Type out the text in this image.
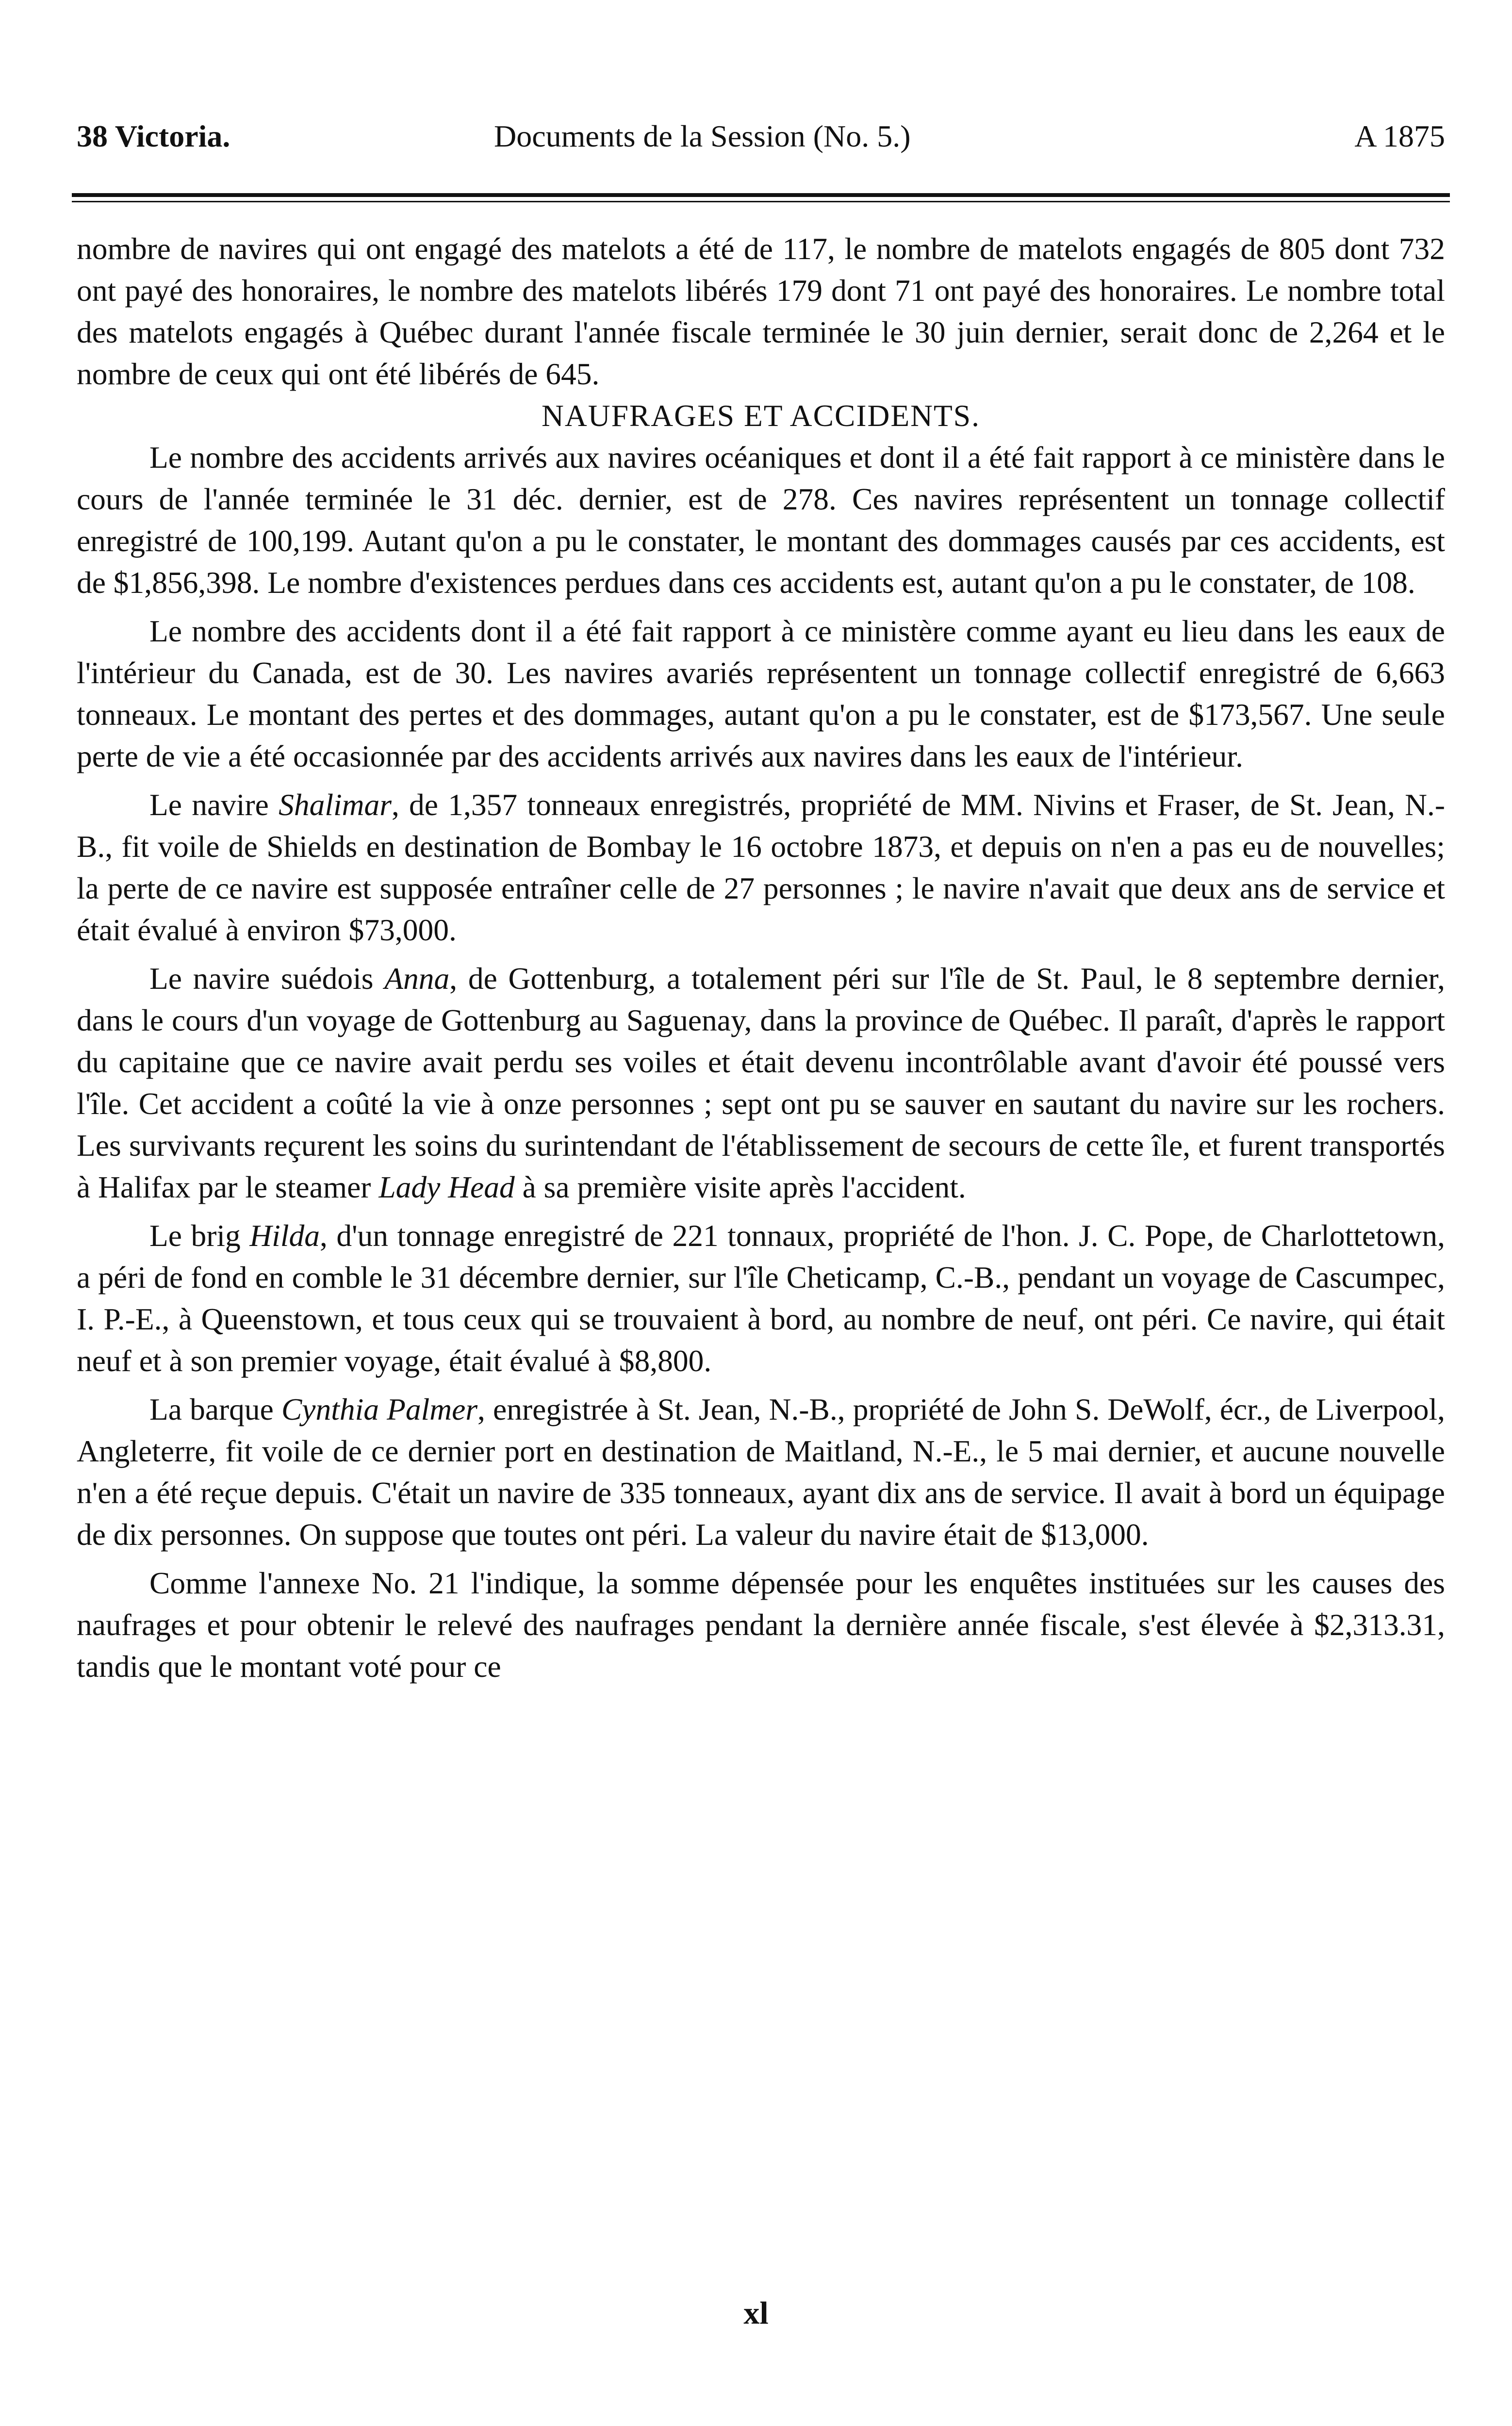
38 Victoria.	Documents de la Session (No. 5.)	A 1875

nombre de navires qui ont engagé des matelots a été de 117, le nombre de matelots engagés de 805 dont 732 ont payé des honoraires, le nombre des matelots libérés 179 dont 71 ont payé des honoraires. Le nombre total des matelots engagés à Québec durant l'année fiscale terminée le 30 juin dernier, serait donc de 2,264 et le nombre de ceux qui ont été libérés de 645.

NAUFRAGES ET ACCIDENTS.

Le nombre des accidents arrivés aux navires océaniques et dont il a été fait rapport à ce ministère dans le cours de l'année terminée le 31 déc. dernier, est de 278. Ces navires représentent un tonnage collectif enregistré de 100,199. Autant qu'on a pu le constater, le montant des dommages causés par ces accidents, est de $1,856,398. Le nombre d'existences perdues dans ces accidents est, autant qu'on a pu le constater, de 108.

Le nombre des accidents dont il a été fait rapport à ce ministère comme ayant eu lieu dans les eaux de l'intérieur du Canada, est de 30. Les navires avariés représentent un tonnage collectif enregistré de 6,663 tonneaux. Le montant des pertes et des dommages, autant qu'on a pu le constater, est de $173,567. Une seule perte de vie a été occasionnée par des accidents arrivés aux navires dans les eaux de l'intérieur.

Le navire Shalimar, de 1,357 tonneaux enregistrés, propriété de MM. Nivins et Fraser, de St. Jean, N.-B., fit voile de Shields en destination de Bombay le 16 octobre 1873, et depuis on n'en a pas eu de nouvelles; la perte de ce navire est supposée entraîner celle de 27 personnes ; le navire n'avait que deux ans de service et était évalué à environ $73,000.

Le navire suédois Anna, de Gottenburg, a totalement péri sur l'île de St. Paul, le 8 septembre dernier, dans le cours d'un voyage de Gottenburg au Saguenay, dans la province de Québec. Il paraît, d'après le rapport du capitaine que ce navire avait perdu ses voiles et était devenu incontrôlable avant d'avoir été poussé vers l'île. Cet accident a coûté la vie à onze personnes ; sept ont pu se sauver en sautant du navire sur les rochers. Les survivants reçurent les soins du surintendant de l'établissement de secours de cette île, et furent transportés à Halifax par le steamer Lady Head à sa première visite après l'accident.

Le brig Hilda, d'un tonnage enregistré de 221 tonnaux, propriété de l'hon. J. C. Pope, de Charlottetown, a péri de fond en comble le 31 décembre dernier, sur l'île Cheticamp, C.-B., pendant un voyage de Cascumpec, I. P.-E., à Queenstown, et tous ceux qui se trouvaient à bord, au nombre de neuf, ont péri. Ce navire, qui était neuf et à son premier voyage, était évalué à $8,800.

La barque Cynthia Palmer, enregistrée à St. Jean, N.-B., propriété de John S. DeWolf, écr., de Liverpool, Angleterre, fit voile de ce dernier port en destination de Maitland, N.-E., le 5 mai dernier, et aucune nouvelle n'en a été reçue depuis. C'était un navire de 335 tonneaux, ayant dix ans de service. Il avait à bord un équipage de dix personnes. On suppose que toutes ont péri. La valeur du navire était de $13,000.

Comme l'annexe No. 21 l'indique, la somme dépensée pour les enquêtes instituées sur les causes des naufrages et pour obtenir le relevé des naufrages pendant la dernière année fiscale, s'est élevée à $2,313.31, tandis que le montant voté pour ce

xl
